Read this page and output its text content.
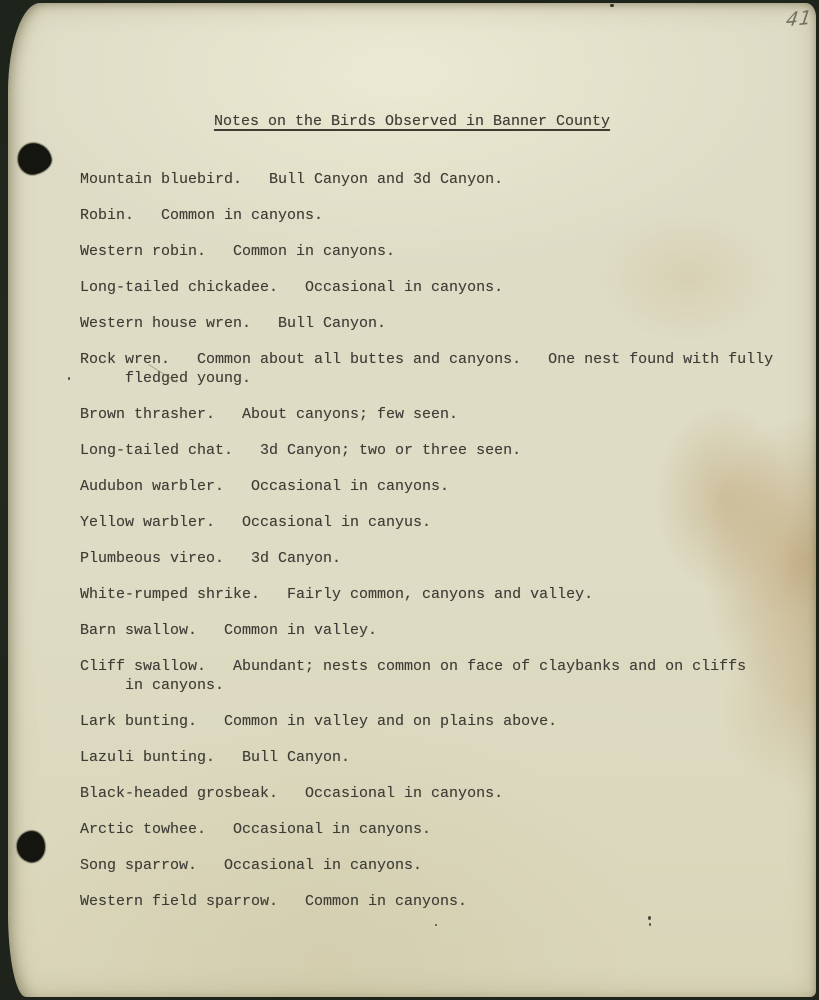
41
Notes on the Birds Observed in Banner County
Mountain bluebird.   Bull Canyon and 3d Canyon.
Robin.   Common in canyons.
Western robin.   Common in canyons.
Long-tailed chickadee.   Occasional in canyons.
Western house wren.   Bull Canyon.
Rock wren.   Common about all buttes and canyons.   One nest found with fully
fledged young.
Brown thrasher.   About canyons; few seen.
Long-tailed chat.   3d Canyon; two or three seen.
Audubon warbler.   Occasional in canyons.
Yellow warbler.   Occasional in canyus.
Plumbeous vireo.   3d Canyon.
White-rumped shrike.   Fairly common, canyons and valley.
Barn swallow.   Common in valley.
Cliff swallow.   Abundant; nests common on face of claybanks and on cliffs
in canyons.
Lark bunting.   Common in valley and on plains above.
Lazuli bunting.   Bull Canyon.
Black-headed grosbeak.   Occasional in canyons.
Arctic towhee.   Occasional in canyons.
Song sparrow.   Occasional in canyons.
Western field sparrow.   Common in canyons.
